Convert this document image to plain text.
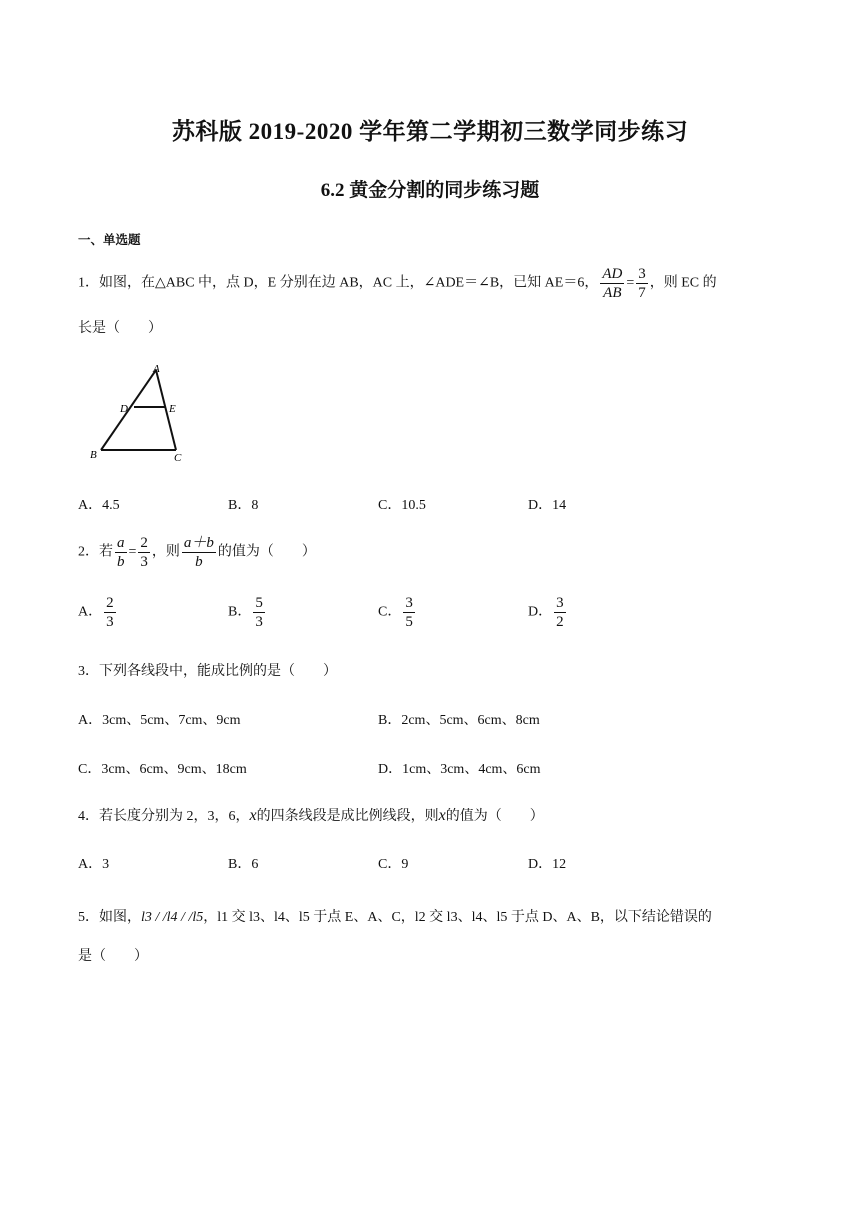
苏科版 2019-2020 学年第二学期初三数学同步练习
6.2 黄金分割的同步练习题
一、单选题
1．如图，在△ABC 中，点 D，E 分别在边 AB，AC 上，∠ADE＝∠B，已知 AE＝6， $\frac{AD}{AB} = \frac{3}{7}$ ，则 EC 的
长是（　　）
A
D	E
B	C
A．4.5	B．8	C．10.5	D．14
2．若 $\frac{a}{b} = \frac{2}{3}$ ，则 $\frac{a+b}{b}$ 的值为（　　）
A． $\frac{2}{3}$	B． $\frac{5}{3}$	C． $\frac{3}{5}$	D． $\frac{3}{2}$
3．下列各线段中，能成比例的是（　　）
A．3cm、5cm、7cm、9cm	B．2cm、5cm、6cm、8cm
C．3cm、6cm、9cm、18cm	D．1cm、3cm、4cm、6cm
4．若长度分别为 2，3，6，x的四条线段是成比例线段，则x的值为（　　）
A．3	B．6	C．9	D．12
5．如图，l3 / /l4 / /l5，l1 交 l3、l4、l5 于点 E、A、C，l2 交 l3、l4、l5 于点 D、A、B，以下结论错误的
是（　　）
